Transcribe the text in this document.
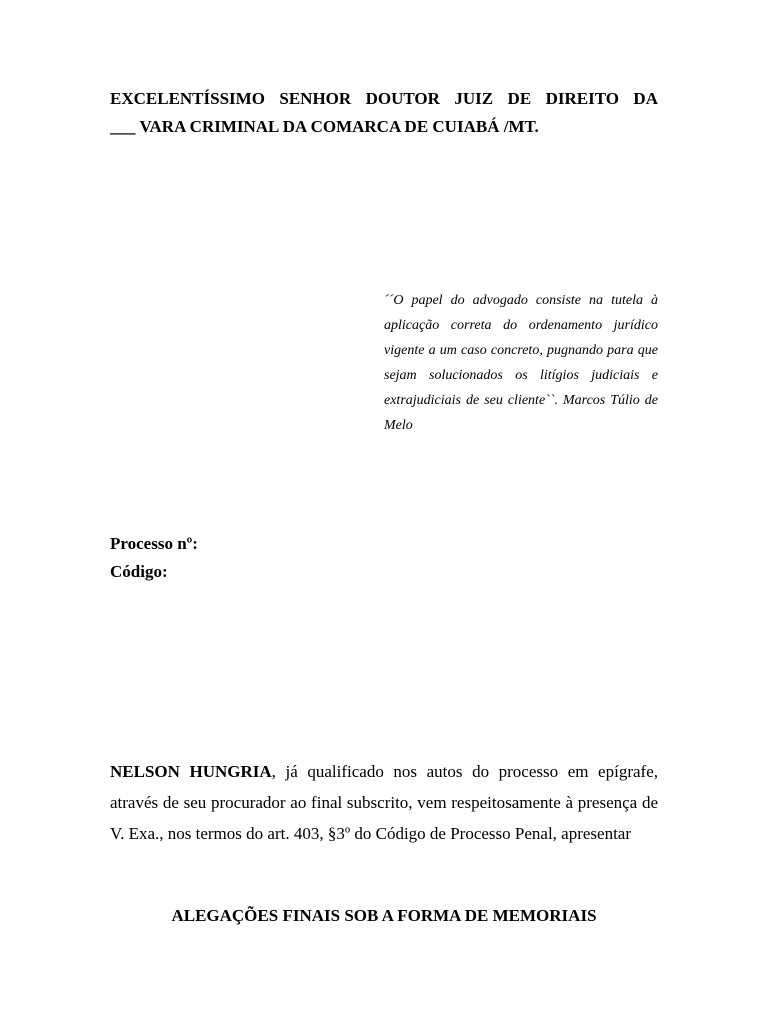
EXCELENTÍSSIMO SENHOR DOUTOR JUIZ DE DIREITO DA
___ VARA CRIMINAL DA COMARCA DE CUIABÁ /MT.
´´O papel do advogado consiste na tutela à aplicação correta do ordenamento jurídico vigente a um caso concreto, pugnando para que sejam solucionados os litígios judiciais e extrajudiciais de seu cliente``. Marcos Túlio de Melo
Processo nº:
Código:
NELSON HUNGRIA, já qualificado nos autos do processo em epígrafe, através de seu procurador ao final subscrito, vem respeitosamente à presença de V. Exa., nos termos do art. 403, §3º do Código de Processo Penal, apresentar
ALEGAÇÕES FINAIS SOB A FORMA DE MEMORIAIS
